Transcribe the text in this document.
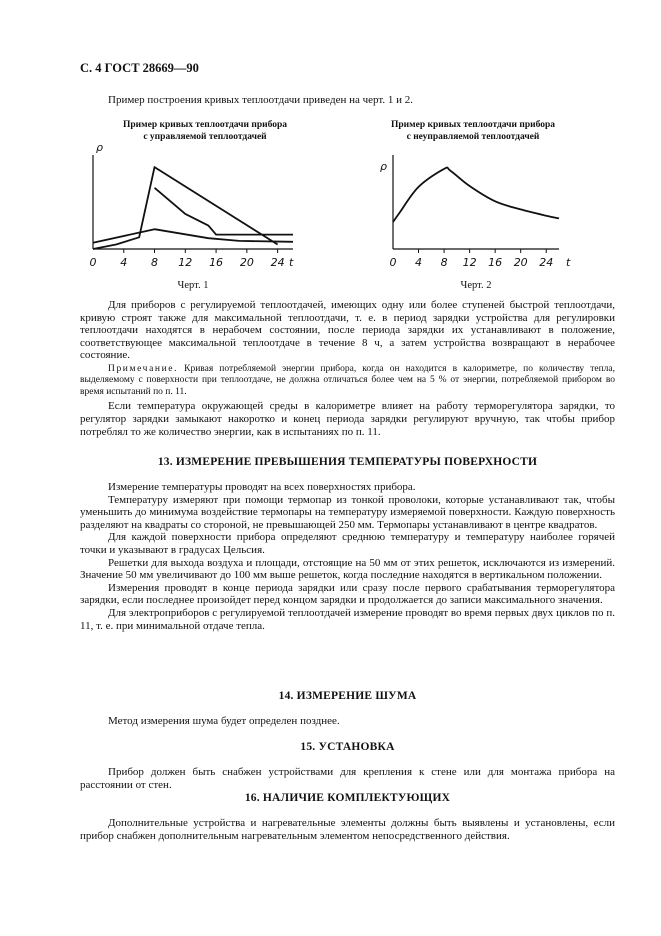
С. 4 ГОСТ 28669—90
Пример построения кривых теплоотдачи приведен на черт. 1 и 2.
Пример кривых теплоотдачи прибора
с управляемой теплоотдачей
Пример кривых теплоотдачи прибора
с неуправляемой теплоотдачей
0 4 8 12 16 20 24
ρ
t
Черт. 1
0 4 8 12 16 20 24
ρ
t
Черт. 2

Для приборов с регулируемой теплоотдачей, имеющих одну или более ступеней быстрой теплоотдачи, кривую строят также для максимальной теплоотдачи, т. е. в период зарядки устройства для регулировки теплоотдачи находятся в нерабочем состоянии, после периода зарядки их устанавливают в положение, соответствующее максимальной теплоотдаче в течение 8 ч, а затем устройства возвращают в нерабочее состояние.

Примечание. Кривая потребляемой энергии прибора, когда он находится в калориметре, по количеству тепла, выделяемому с поверхности при теплоотдаче, не должна отличаться более чем на 5 % от энергии, потребляемой прибором во время испытаний по п. 11.

Если температура окружающей среды в калориметре влияет на работу терморегулятора зарядки, то регулятор зарядки замыкают накоротко и конец периода зарядки регулируют вручную, так чтобы прибор потреблял то же количество энергии, как в испытаниях по п. 11.

13. ИЗМЕРЕНИЕ ПРЕВЫШЕНИЯ ТЕМПЕРАТУРЫ ПОВЕРХНОСТИ

Измерение температуры проводят на всех поверхностях прибора.

Температуру измеряют при помощи термопар из тонкой проволоки, которые устанавливают так, чтобы уменьшить до минимума воздействие термопары на температуру измеряемой поверхности. Каждую поверхность разделяют на квадраты со стороной, не превышающей 250 мм. Термопары устанавливают в центре квадратов.

Для каждой поверхности прибора определяют среднюю температуру и температуру наиболее горячей точки и указывают в градусах Цельсия.

Решетки для выхода воздуха и площади, отстоящие на 50 мм от этих решеток, исключаются из измерений. Значение 50 мм увеличивают до 100 мм выше решеток, когда последние находятся в вертикальном положении.

Измерения проводят в конце периода зарядки или сразу после первого срабатывания терморегулятора зарядки, если последнее произойдет перед концом зарядки и продолжается до записи максимального значения.

Для электроприборов с регулируемой теплоотдачей измерение проводят во время первых двух циклов по п. 11, т. е. при минимальной отдаче тепла.

14. ИЗМЕРЕНИЕ ШУМА

Метод измерения шума будет определен позднее.

15. УСТАНОВКА

Прибор должен быть снабжен устройствами для крепления к стене или для монтажа прибора на расстоянии от стен.

16. НАЛИЧИЕ КОМПЛЕКТУЮЩИХ

Дополнительные устройства и нагревательные элементы должны быть выявлены и установлены, если прибор снабжен дополнительным нагревательным элементом непосредственного действия.
